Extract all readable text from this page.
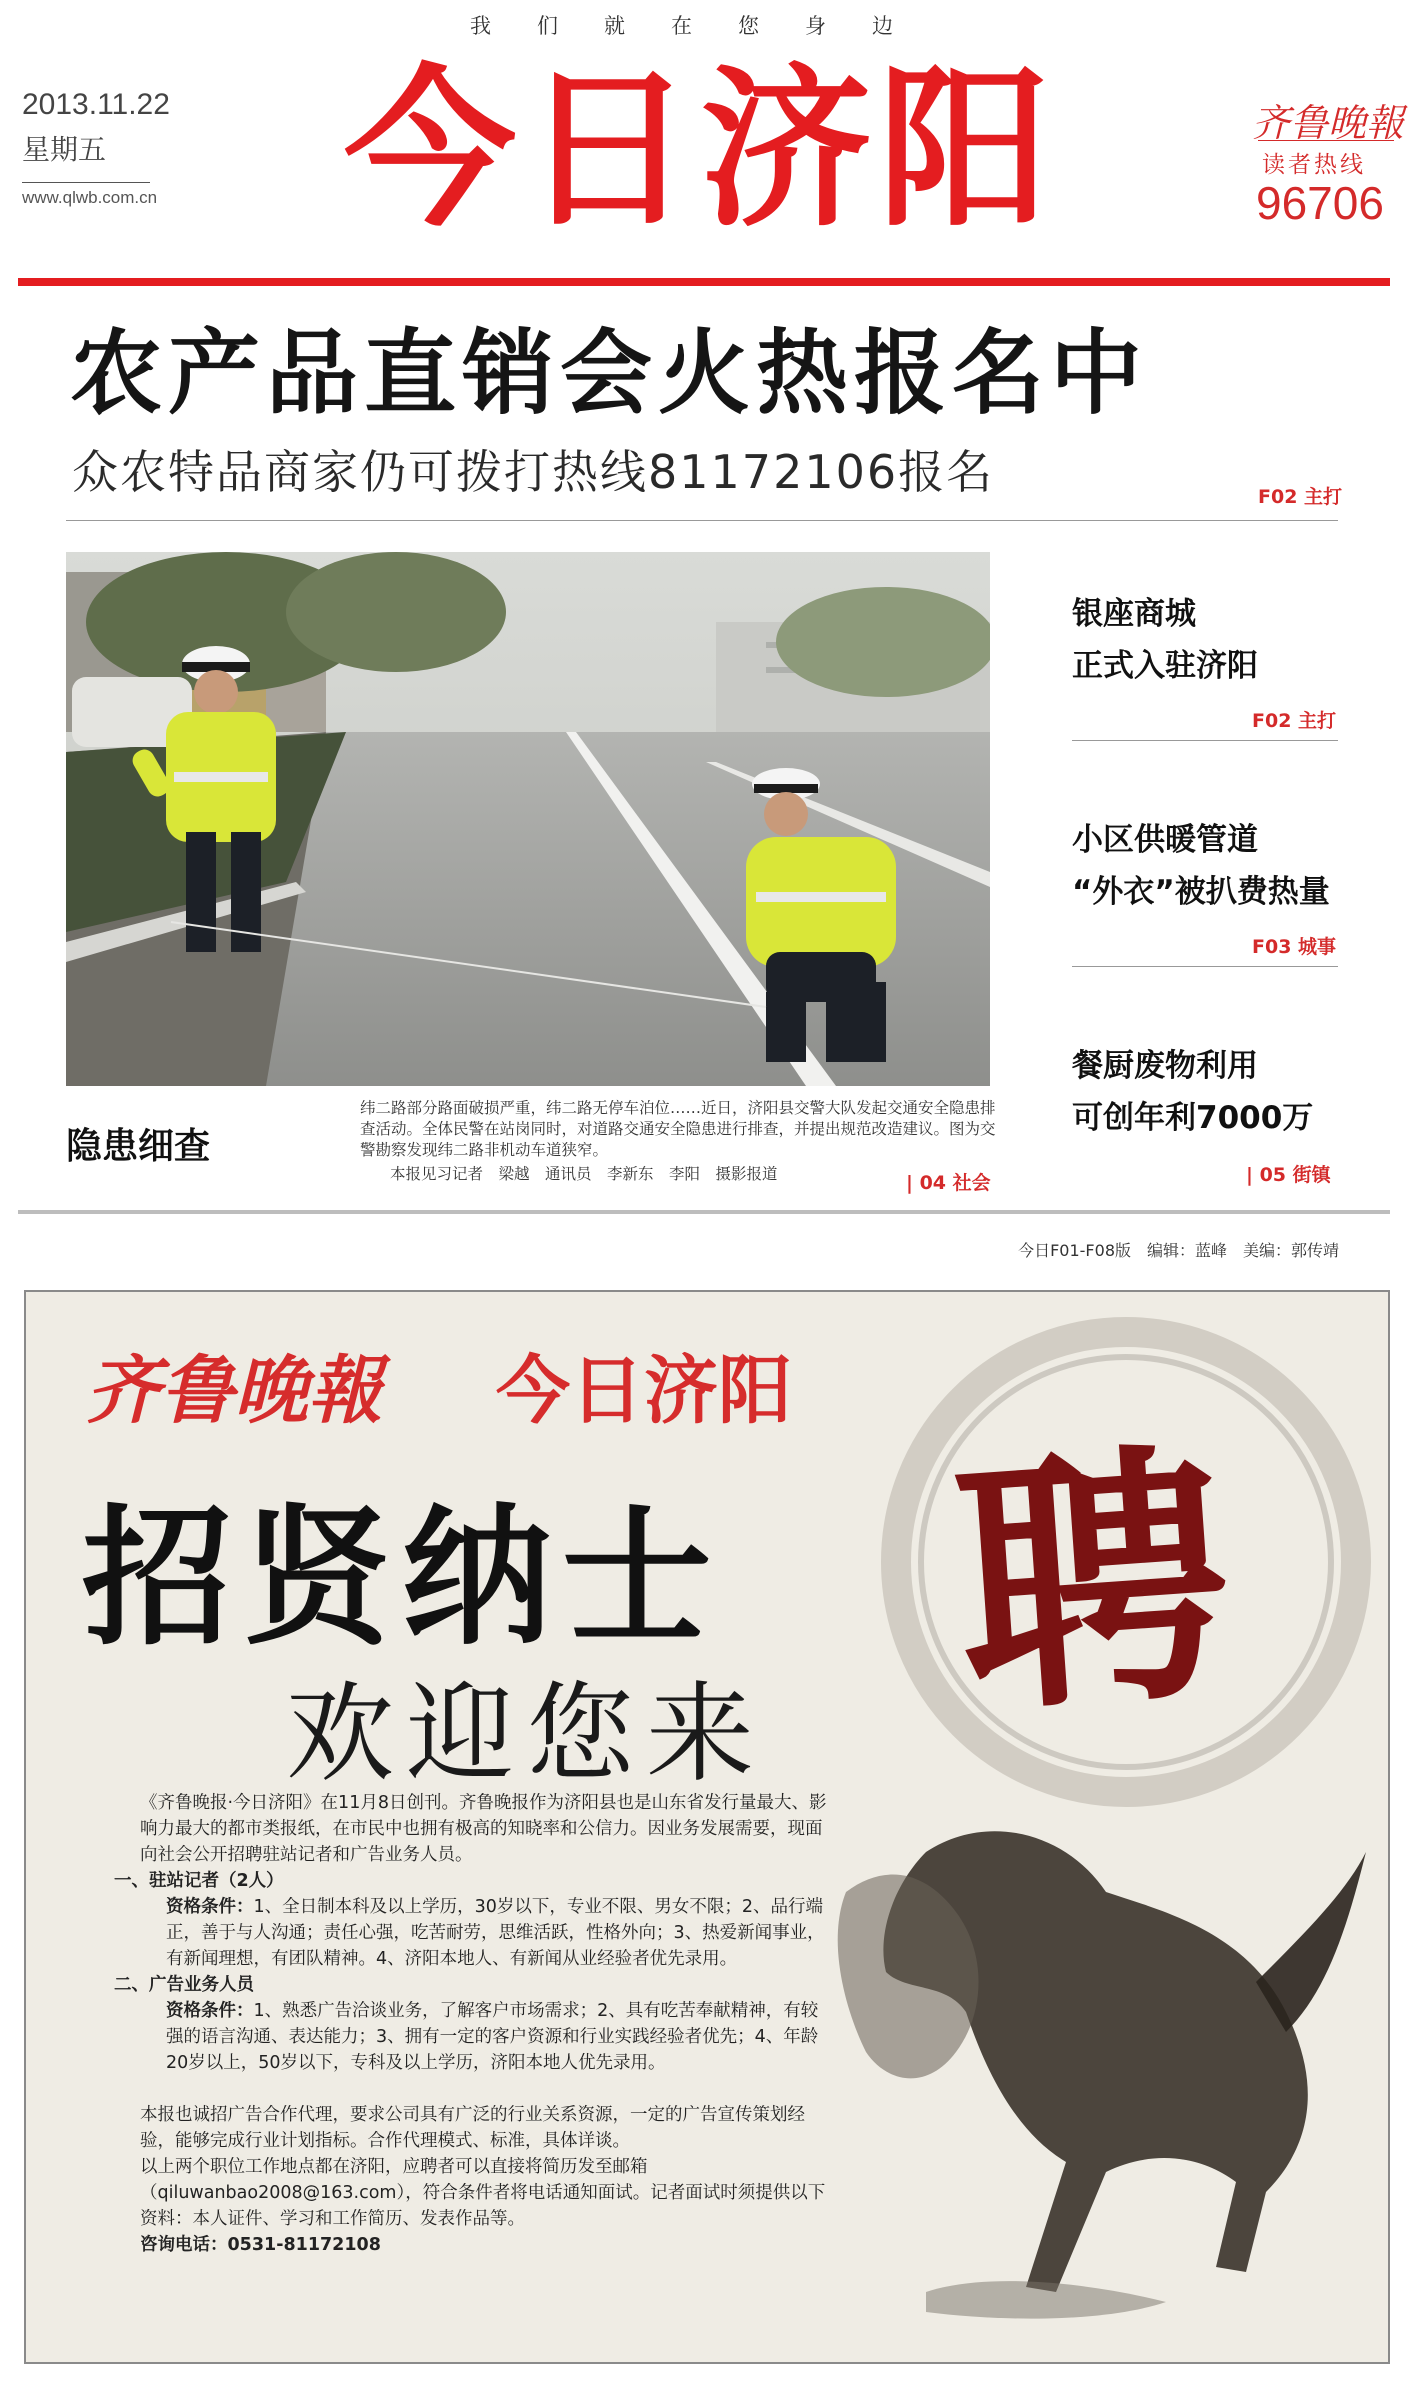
我们就在您身边
2013.11.22
星期五
www.qlwb.com.cn 今日济阳	齐鲁晚報
读者热线
96706
农产品直销会火热报名中
众农特品商家仍可拨打热线81172106报名	F02 主打
隐患细查
纬二路部分路面破损严重，纬二路无停车泊位……近日，济阳县交警大队发起交通安全隐患排查活动。全体民警在站岗同时，对道路交通安全隐患进行排查，并提出规范改造建议。图为交警勘察发现纬二路非机动车道狭窄。
本报见习记者　梁越　通讯员　李新东　李阳　摄影报道	| 04 社会
银座商城
正式入驻济阳
F02 主打
小区供暖管道
“外衣”被扒费热量
F03 城事
餐厨废物利用
可创年利7000万
| 05 街镇
今日F01-F08版　编辑：蓝峰　美编：郭传靖
齐鲁晚報 今日济阳
招贤纳士
欢迎您来 聘

《齐鲁晚报·今日济阳》在11月8日创刊。齐鲁晚报作为济阳县也是山东省发行量最大、影响力最大的都市类报纸，在市民中也拥有极高的知晓率和公信力。因业务发展需要，现面向社会公开招聘驻站记者和广告业务人员。

一、驻站记者（2人）

资格条件：1、全日制本科及以上学历，30岁以下，专业不限、男女不限；2、品行端正，善于与人沟通；责任心强，吃苦耐劳，思维活跃，性格外向；3、热爱新闻事业，有新闻理想，有团队精神。4、济阳本地人、有新闻从业经验者优先录用。

二、广告业务人员

资格条件：1、熟悉广告洽谈业务，了解客户市场需求；2、具有吃苦奉献精神，有较强的语言沟通、表达能力；3、拥有一定的客户资源和行业实践经验者优先；4、年龄20岁以上，50岁以下，专科及以上学历，济阳本地人优先录用。

本报也诚招广告合作代理，要求公司具有广泛的行业关系资源，一定的广告宣传策划经验，能够完成行业计划指标。合作代理模式、标准，具体详谈。

以上两个职位工作地点都在济阳，应聘者可以直接将简历发至邮箱（qiluwanbao2008@163.com），符合条件者将电话通知面试。记者面试时须提供以下资料：本人证件、学习和工作简历、发表作品等。

咨询电话：0531-81172108
